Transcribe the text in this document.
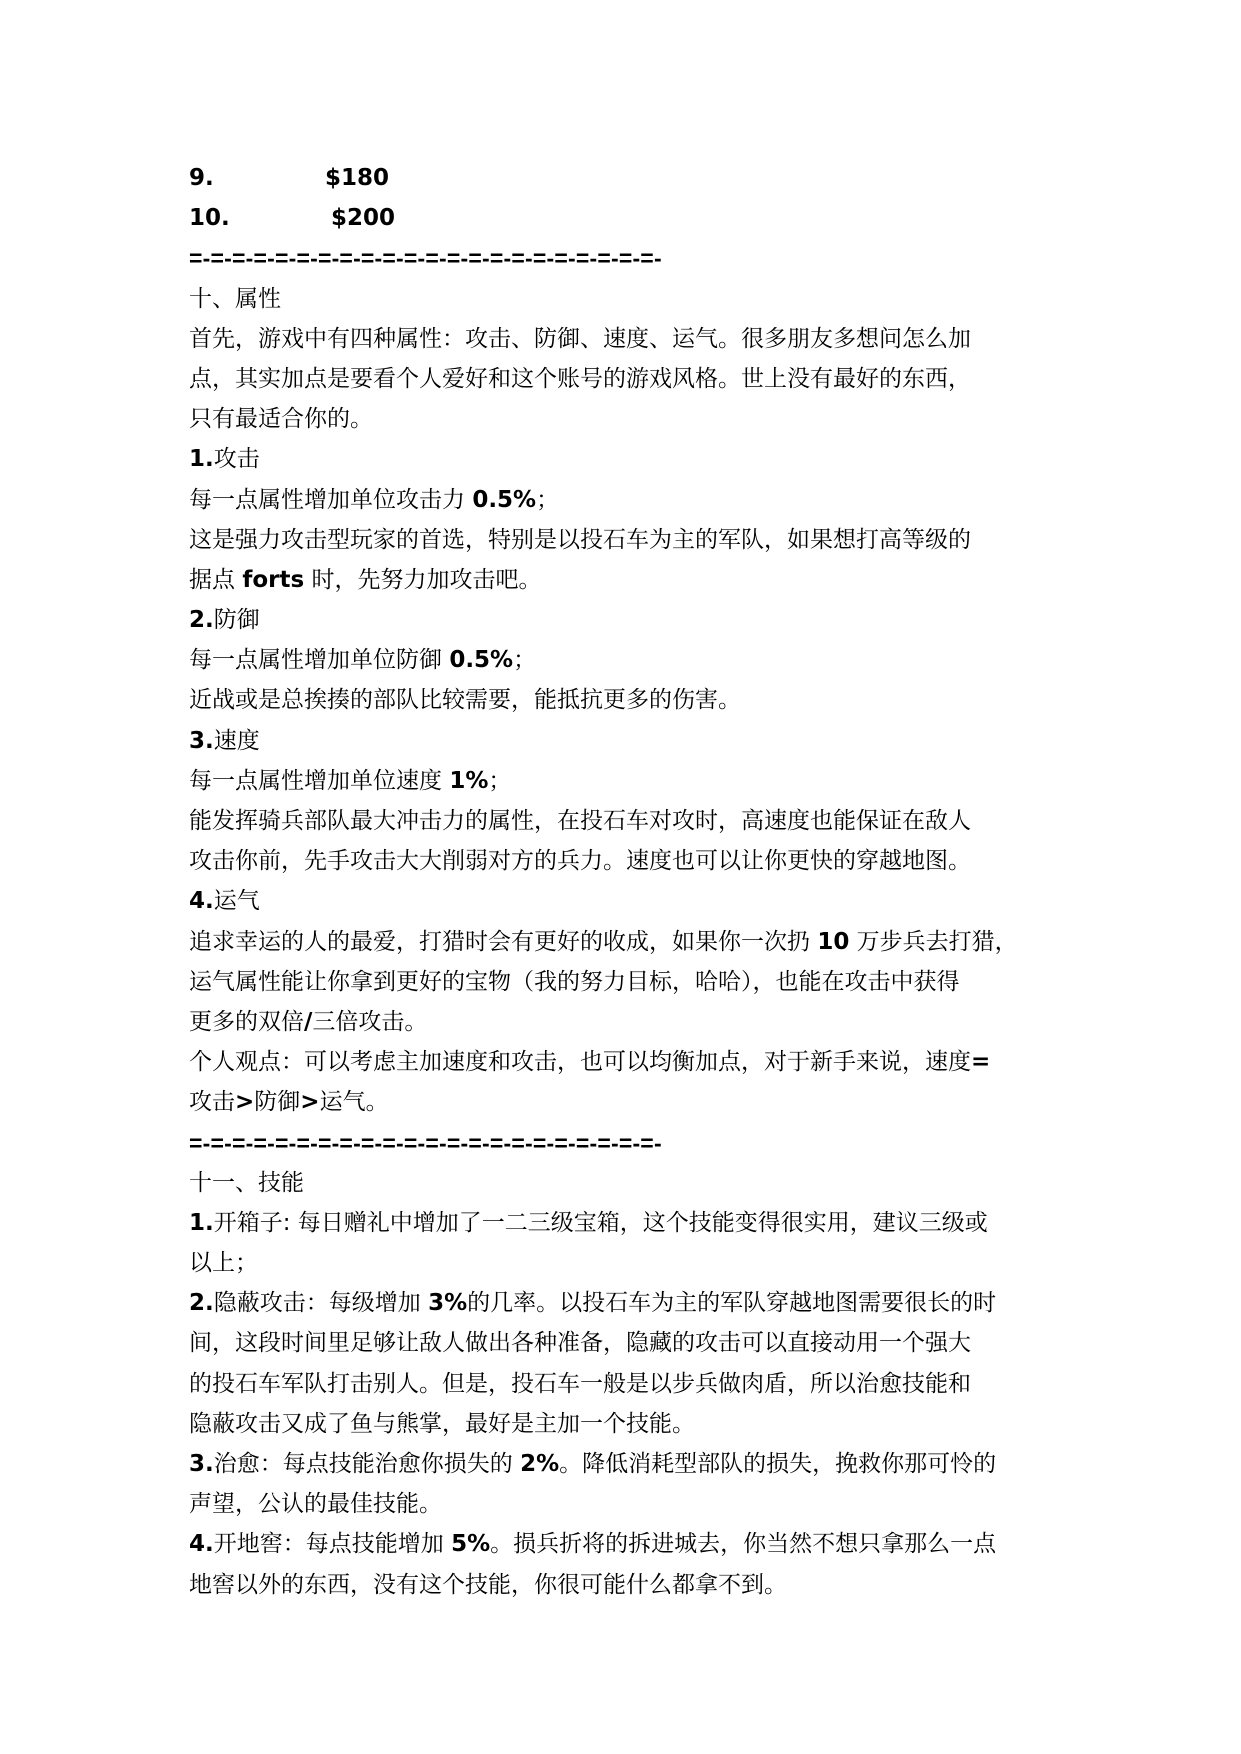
9.	$180
10.	$200
=-=-=-=-=-=-=-=-=-=-=-=-=-=-=-=-=-=-=-=-=-=-
十、属性
首先，游戏中有四种属性：攻击、防御、速度、运气。很多朋友多想问怎么加
点，其实加点是要看个人爱好和这个账号的游戏风格。世上没有最好的东西，
只有最适合你的。
1.攻击
每一点属性增加单位攻击力 0.5%；
这是强力攻击型玩家的首选，特别是以投石车为主的军队，如果想打高等级的
据点 forts 时，先努力加攻击吧。
2.防御
每一点属性增加单位防御 0.5%；
近战或是总挨揍的部队比较需要，能抵抗更多的伤害。
3.速度
每一点属性增加单位速度 1%；
能发挥骑兵部队最大冲击力的属性，在投石车对攻时，高速度也能保证在敌人
攻击你前，先手攻击大大削弱对方的兵力。速度也可以让你更快的穿越地图。
4.运气
追求幸运的人的最爱，打猎时会有更好的收成，如果你一次扔 10 万步兵去打猎，
运气属性能让你拿到更好的宝物（我的努力目标，哈哈），也能在攻击中获得
更多的双倍/三倍攻击。
个人观点：可以考虑主加速度和攻击，也可以均衡加点，对于新手来说，速度=
攻击>防御>运气。
=-=-=-=-=-=-=-=-=-=-=-=-=-=-=-=-=-=-=-=-=-=-
十一、技能
1.开箱子: 每日赠礼中增加了一二三级宝箱，这个技能变得很实用，建议三级或
以上；
2.隐蔽攻击：每级增加 3%的几率。以投石车为主的军队穿越地图需要很长的时
间，这段时间里足够让敌人做出各种准备，隐藏的攻击可以直接动用一个强大
的投石车军队打击别人。但是，投石车一般是以步兵做肉盾，所以治愈技能和
隐蔽攻击又成了鱼与熊掌，最好是主加一个技能。
3.治愈：每点技能治愈你损失的 2%。降低消耗型部队的损失，挽救你那可怜的
声望，公认的最佳技能。
4.开地窖：每点技能增加 5%。损兵折将的拆进城去，你当然不想只拿那么一点
地窖以外的东西，没有这个技能，你很可能什么都拿不到。
